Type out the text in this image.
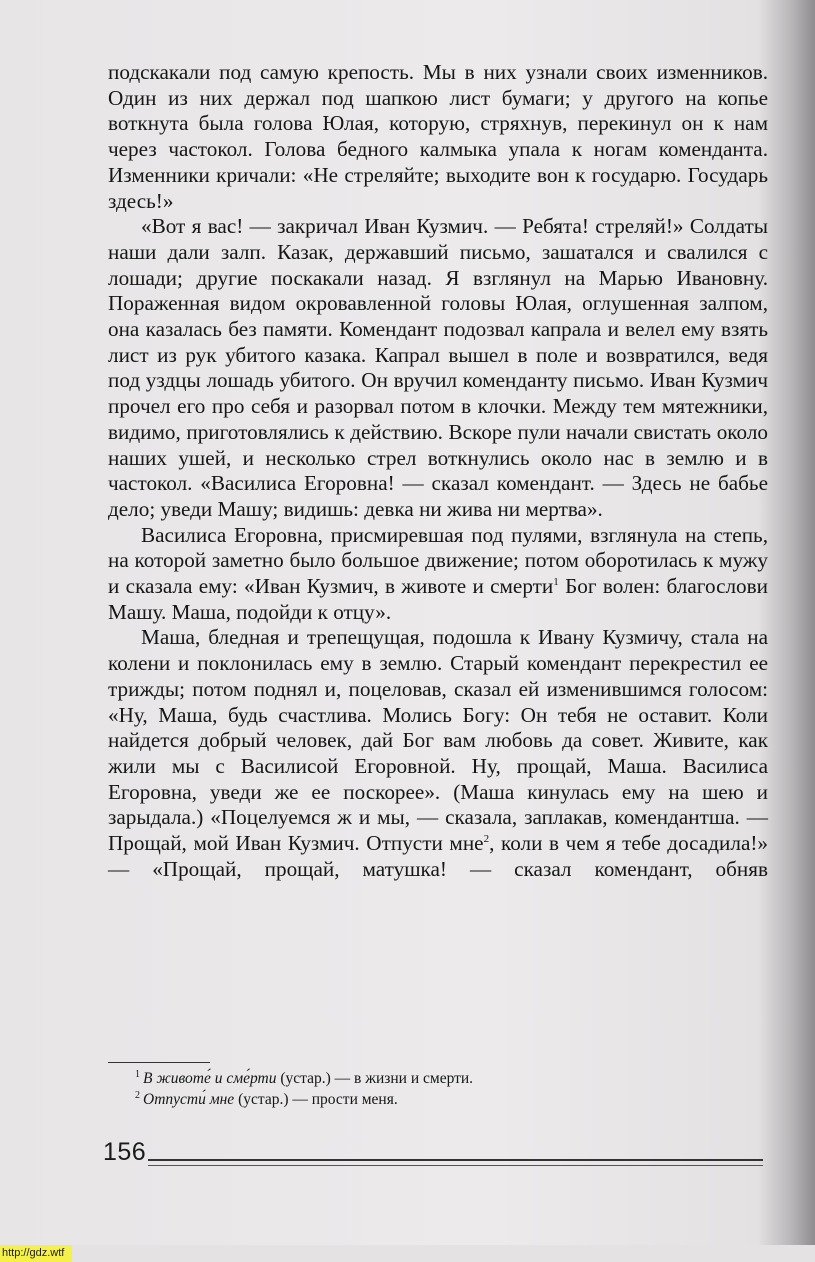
подскакали под самую крепость. Мы в них узнали своих изменников. Один из них держал под шапкою лист бумаги; у другого на копье воткнута была голова Юлая, которую, стряхнув, перекинул он к нам через частокол. Голова бедного калмыка упала к ногам коменданта. Изменники кричали: «Не стреляйте; выходите вон к государю. Государь здесь!»

«Вот я вас! — закричал Иван Кузмич. — Ребята! стреляй!» Солдаты наши дали залп. Казак, державший письмо, зашатался и свалился с лошади; другие поскакали назад. Я взглянул на Марью Ивановну. Пораженная видом окровавленной головы Юлая, оглушенная залпом, она казалась без памяти. Комендант подозвал капрала и велел ему взять лист из рук убитого казака. Капрал вышел в поле и возвратился, ведя под уздцы лошадь убитого. Он вручил коменданту письмо. Иван Кузмич прочел его про себя и разорвал потом в клочки. Между тем мятежники, видимо, приготовлялись к действию. Вскоре пули начали свистать около наших ушей, и несколько стрел воткнулись около нас в землю и в частокол. «Василиса Егоровна! — сказал комендант. — Здесь не бабье дело; уведи Машу; видишь: девка ни жива ни мертва».

Василиса Егоровна, присмиревшая под пулями, взглянула на степь, на которой заметно было большое движение; потом оборотилась к мужу и сказала ему: «Иван Кузмич, в животе и смерти$^1$ Бог волен: благослови Машу. Маша, подойди к отцу».

Маша, бледная и трепещущая, подошла к Ивану Кузмичу, стала на колени и поклонилась ему в землю. Старый комендант перекрестил ее трижды; потом поднял и, поцеловав, сказал ей изменившимся голосом: «Ну, Маша, будь счастлива. Молись Богу: Он тебя не оставит. Коли найдется добрый человек, дай Бог вам любовь да совет. Живите, как жили мы с Василисой Егоровной. Ну, прощай, Маша. Василиса Егоровна, уведи же ее поскорее». (Маша кинулась ему на шею и зарыдала.) «Поцелуемся ж и мы, — сказала, заплакав, комендантша. — Прощай, мой Иван Кузмич. Отпусти мне$^2$, коли в чем я тебе досадила!» — «Прощай, прощай, матушка! — сказал комендант, обняв

$^1$ В животе́ и сме́рти (устар.) — в жизни и смерти.
$^2$ Отпусти́ мне (устар.) — прости меня.
156
http://gdz.wtf
